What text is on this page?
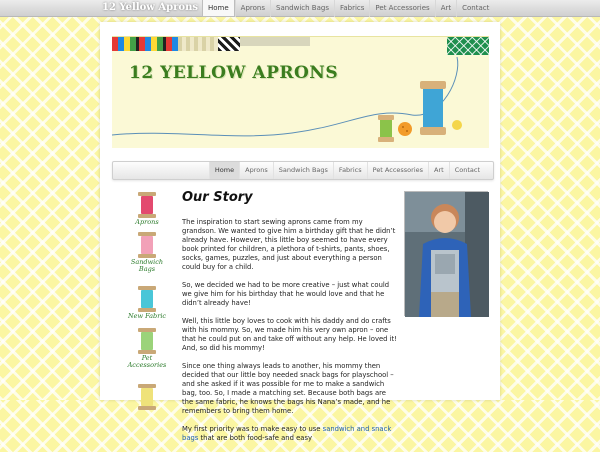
12 Yellow Aprons	Home	Aprons	Sandwich Bags	Fabrics	Pet Accessories	Art	Contact
12 YELLOW APRONS
Home	Aprons	Sandwich Bags	Fabrics	Pet Accessories	Art	Contact
Aprons
Sandwich Bags
New Fabric
Pet Accessories
Our Story

The inspiration to start sewing aprons came from my grandson. We wanted to give him a birthday gift that he didn’t already have. However, this little boy seemed to have every book printed for children, a plethora of t-shirts, pants, shoes, socks, games, puzzles, and just about everything a person could buy for a child.

So, we decided we had to be more creative – just what could we give him for his birthday that he would love and that he didn’t already have!

Well, this little boy loves to cook with his daddy and do crafts with his mommy. So, we made him his very own apron – one that he could put on and take off without any help. He loved it! And, so did his mommy!

Since one thing always leads to another, his mommy then decided that our little boy needed snack bags for playschool – and she asked if it was possible for me to make a sandwich bag, too. So, I made a matching set. Because both bags are the same fabric, he knows the bags his Nana’s made, and he remembers to bring them home.

My first priority was to make easy to use sandwich and snack bags that are both food-safe and easy
